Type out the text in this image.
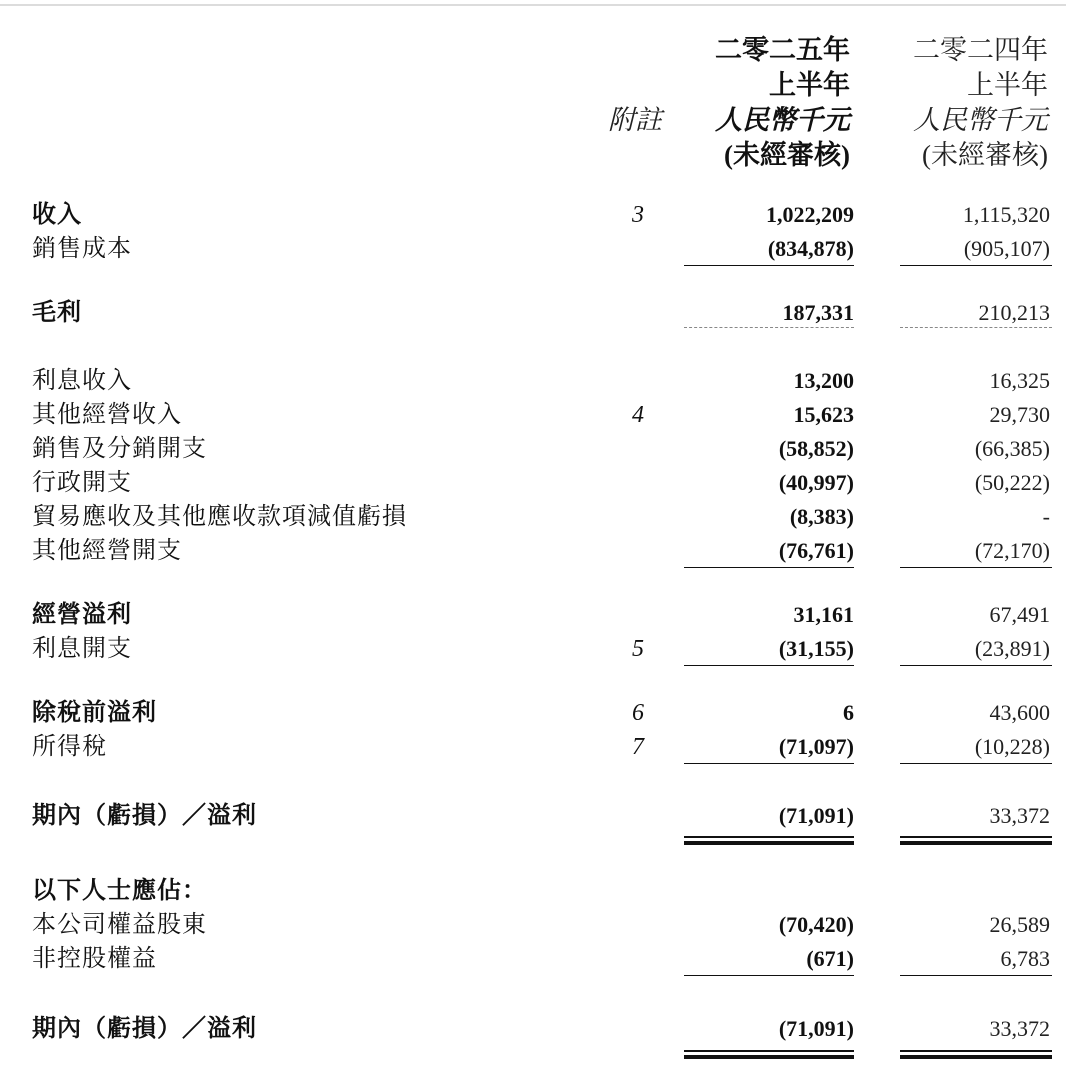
附註
二零二五年
上半年
人民幣千元
(未經審核)
二零二四年
上半年
人民幣千元
(未經審核)
收入	3	1,022,209	1,115,320
銷售成本	(834,878)	(905,107)
毛利	187,331	210,213
利息收入	13,200	16,325
其他經營收入	4	15,623	29,730
銷售及分銷開支	(58,852)	(66,385)
行政開支	(40,997)	(50,222)
貿易應收及其他應收款項減值虧損	(8,383)	-
其他經營開支	(76,761)	(72,170)
經營溢利	31,161	67,491
利息開支	5	(31,155)	(23,891)
除稅前溢利	6	6	43,600
所得稅	7	(71,097)	(10,228)
期內（虧損）／溢利	(71,091)	33,372
以下人士應佔：
本公司權益股東	(70,420)	26,589
非控股權益	(671)	6,783
期內（虧損）／溢利	(71,091)	33,372
